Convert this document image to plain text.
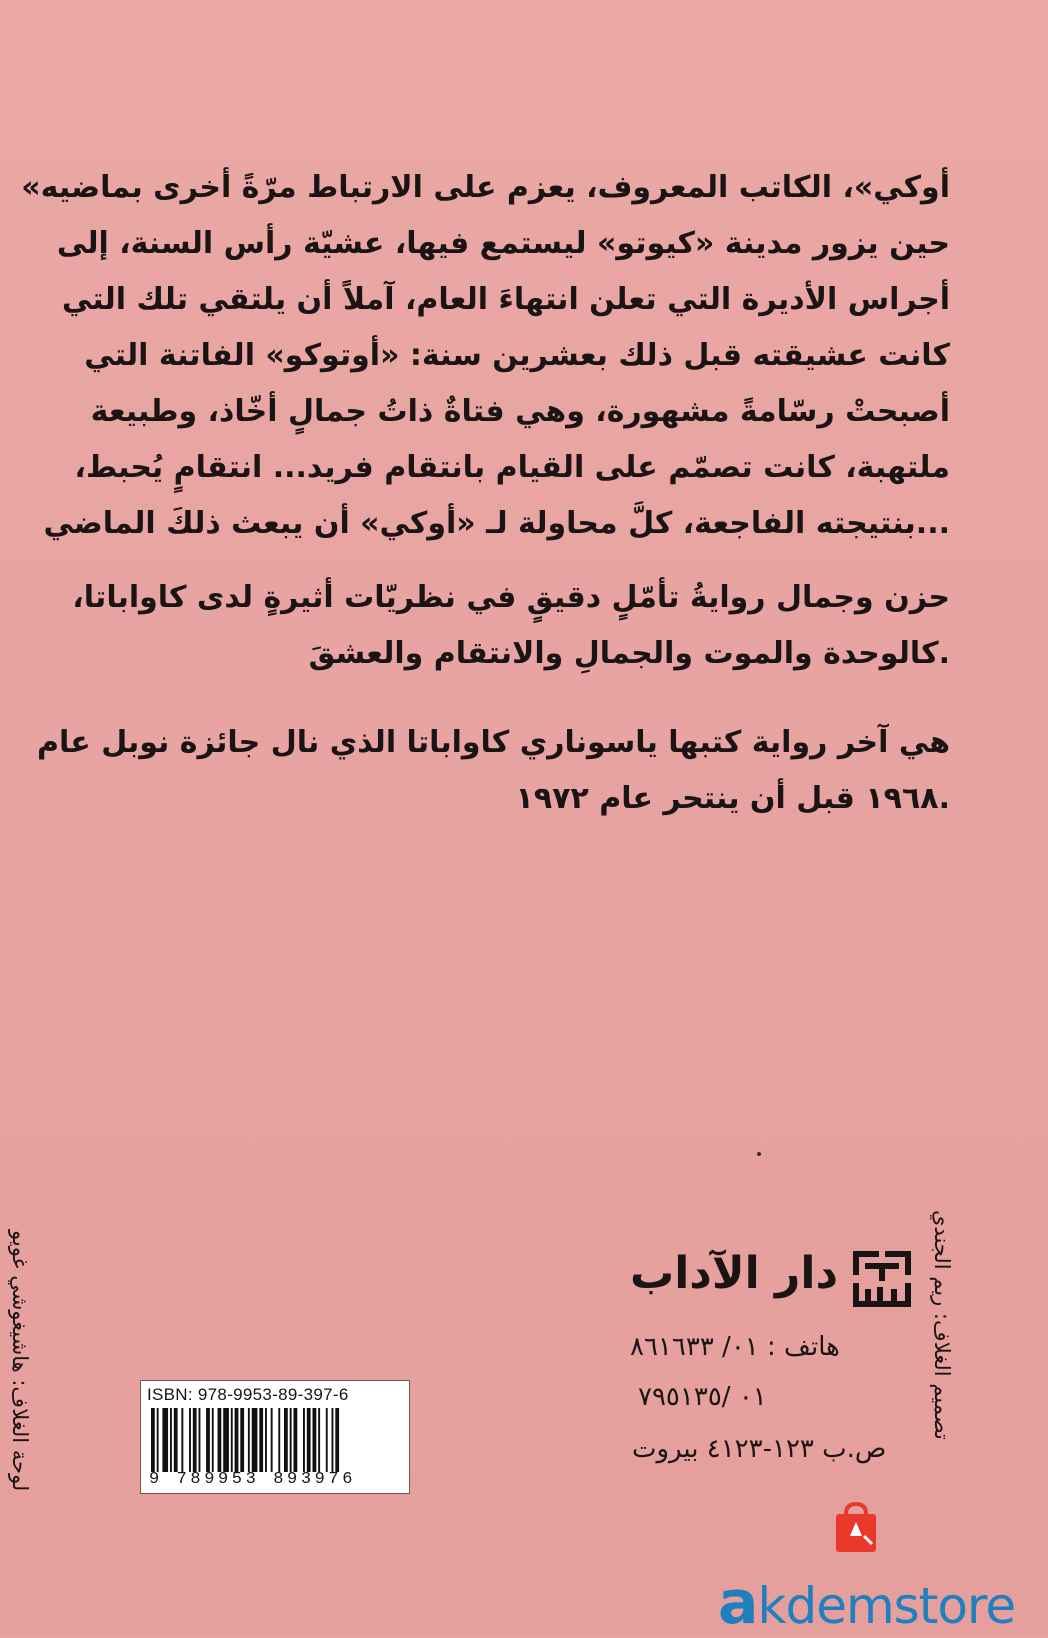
أوكي»، الكاتب المعروف، يعزم على الارتباط مرّةً أخرى بماضيه»
حين يزور مدينة «كيوتو» ليستمع فيها، عشيّة رأس السنة، إلى
أجراس الأديرة التي تعلن انتهاءَ العام، آملاً أن يلتقي تلك التي
كانت عشيقته قبل ذلك بعشرين سنة: «أوتوكو» الفاتنة التي
أصبحتْ رسّامةً مشهورة، وهي فتاةٌ ذاتُ جمالٍ أخّاذ، وطبيعة
ملتهبة، كانت تصمّم على القيام بانتقام فريد... انتقامٍ يُحبط،
...بنتيجته الفاجعة، كلَّ محاولة لـ «أوكي» أن يبعث ذلكَ الماضي
حزن وجمال روايةُ تأمّلٍ دقيقٍ في نظريّات أثيرةٍ لدى كاواباتا،
.كالوحدة والموت والجمالِ والانتقام والعشقَ
هي آخر رواية كتبها ياسوناري كاواباتا الذي نال جائزة نوبل عام
.١٩٦٨ قبل أن ينتحر عام ١٩٧٢
لوحة الغلاف: هاشيغوشي غويو	تصميم الغلاف: ريم الجندي
دار الآداب
هاتف : ٠١/ ٨٦١٦٣٣
٠١ /٧٩٥١٣٥
ص.ب ١٢٣-٤١٢٣ بيروت
ISBN: 978-9953-89-397-6
9 789953 893976
akdemstore
